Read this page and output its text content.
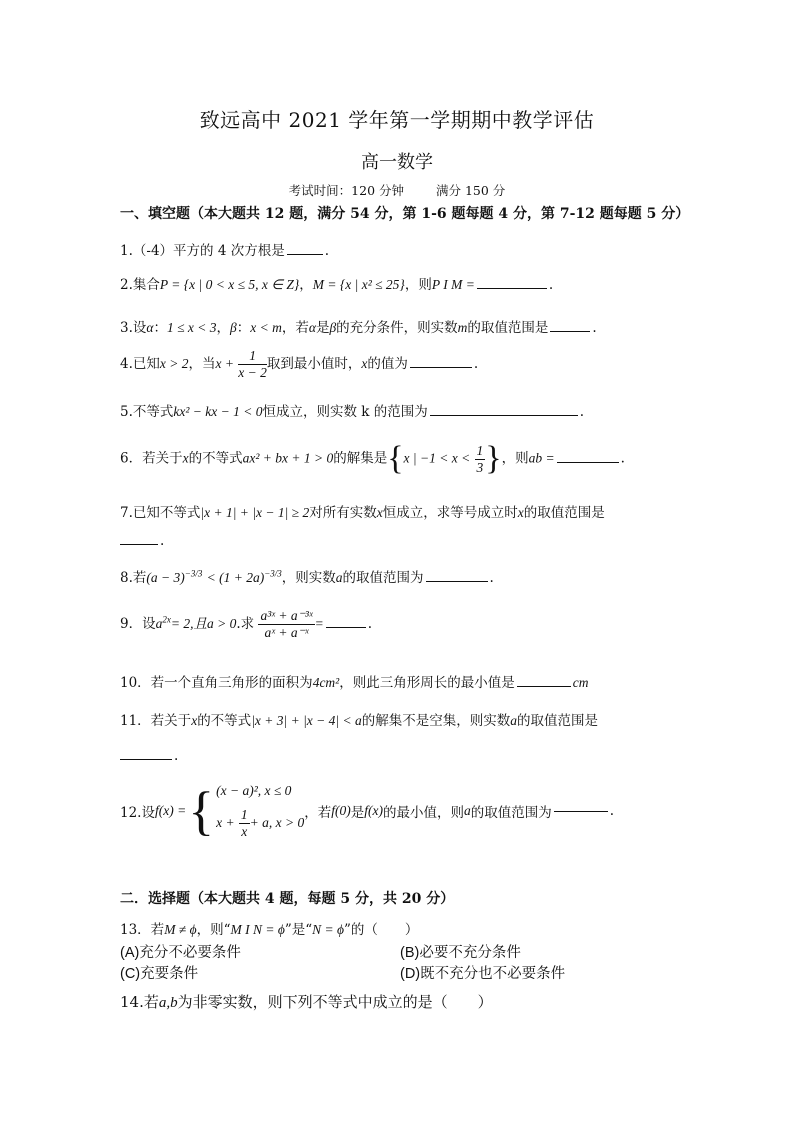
致远高中 2021 学年第一学期期中教学评估
高一数学
考试时间：120 分钟	满分 150 分
一、填空题（本大题共 12 题，满分 54 分，第 1-6 题每题 4 分，第 7-12 题每题 5 分）
1.（-4）平方的 4 次方根是	.
2.集合P = {x | 0 < x ≤ 5, x ∈ Z}，M = {x | x² ≤ 25}，则P I M =	.
3.设α：1 ≤ x < 3，β：x < m，若α是β的充分条件，则实数m的取值范围是	.
4.已知x > 2，当$x + \frac{1}{x - 2}$ 取到最小值时，x的值为	.
5.不等式kx² − kx − 1 < 0恒成立，则实数 k 的范围为	.
6．若关于x的不等式ax² + bx + 1 > 0的解集是{x | $-1 < x < \frac{1}{3}$ }，则ab =	.
7.已知不等式|x + 1| + |x − 1| ≥ 2对所有实数x恒成立，求等号成立时x的取值范围是
.
8.若$(a - 3)^{-3/3} < (1 + 2a)^{-3/3}$，则实数a的取值范围为	.
9．设$a^{2x}= 2$,且a > 0.求 $\frac{\text{a³ˣ + a⁻³ˣ}}{\text{aˣ + a⁻ˣ}}$ =	.
10．若一个直角三角形的面积为4cm²，则此三角形周长的最小值是	cm
11．若关于x的不等式|x + 3| + |x − 4| < a的解集不是空集，则实数a的取值范围是
.
12.设 f(x) = { (x − a)², x ≤ 0
$x + \frac{1}{x} + a$, x > 0
，若 f(0) 是 f(x) 的最小值，则 a 的取值范围为	.
二．选择题（本大题共 4 题，每题 5 分，共 20 分）
13．若M ≠ ϕ，则“M I N = ϕ”是“N = ϕ”的（　　）
(A)充分不必要条件	(B)必要不充分条件
(C)充要条件	(D)既不充分也不必要条件
14.若a,b为非零实数，则下列不等式中成立的是（　　）
